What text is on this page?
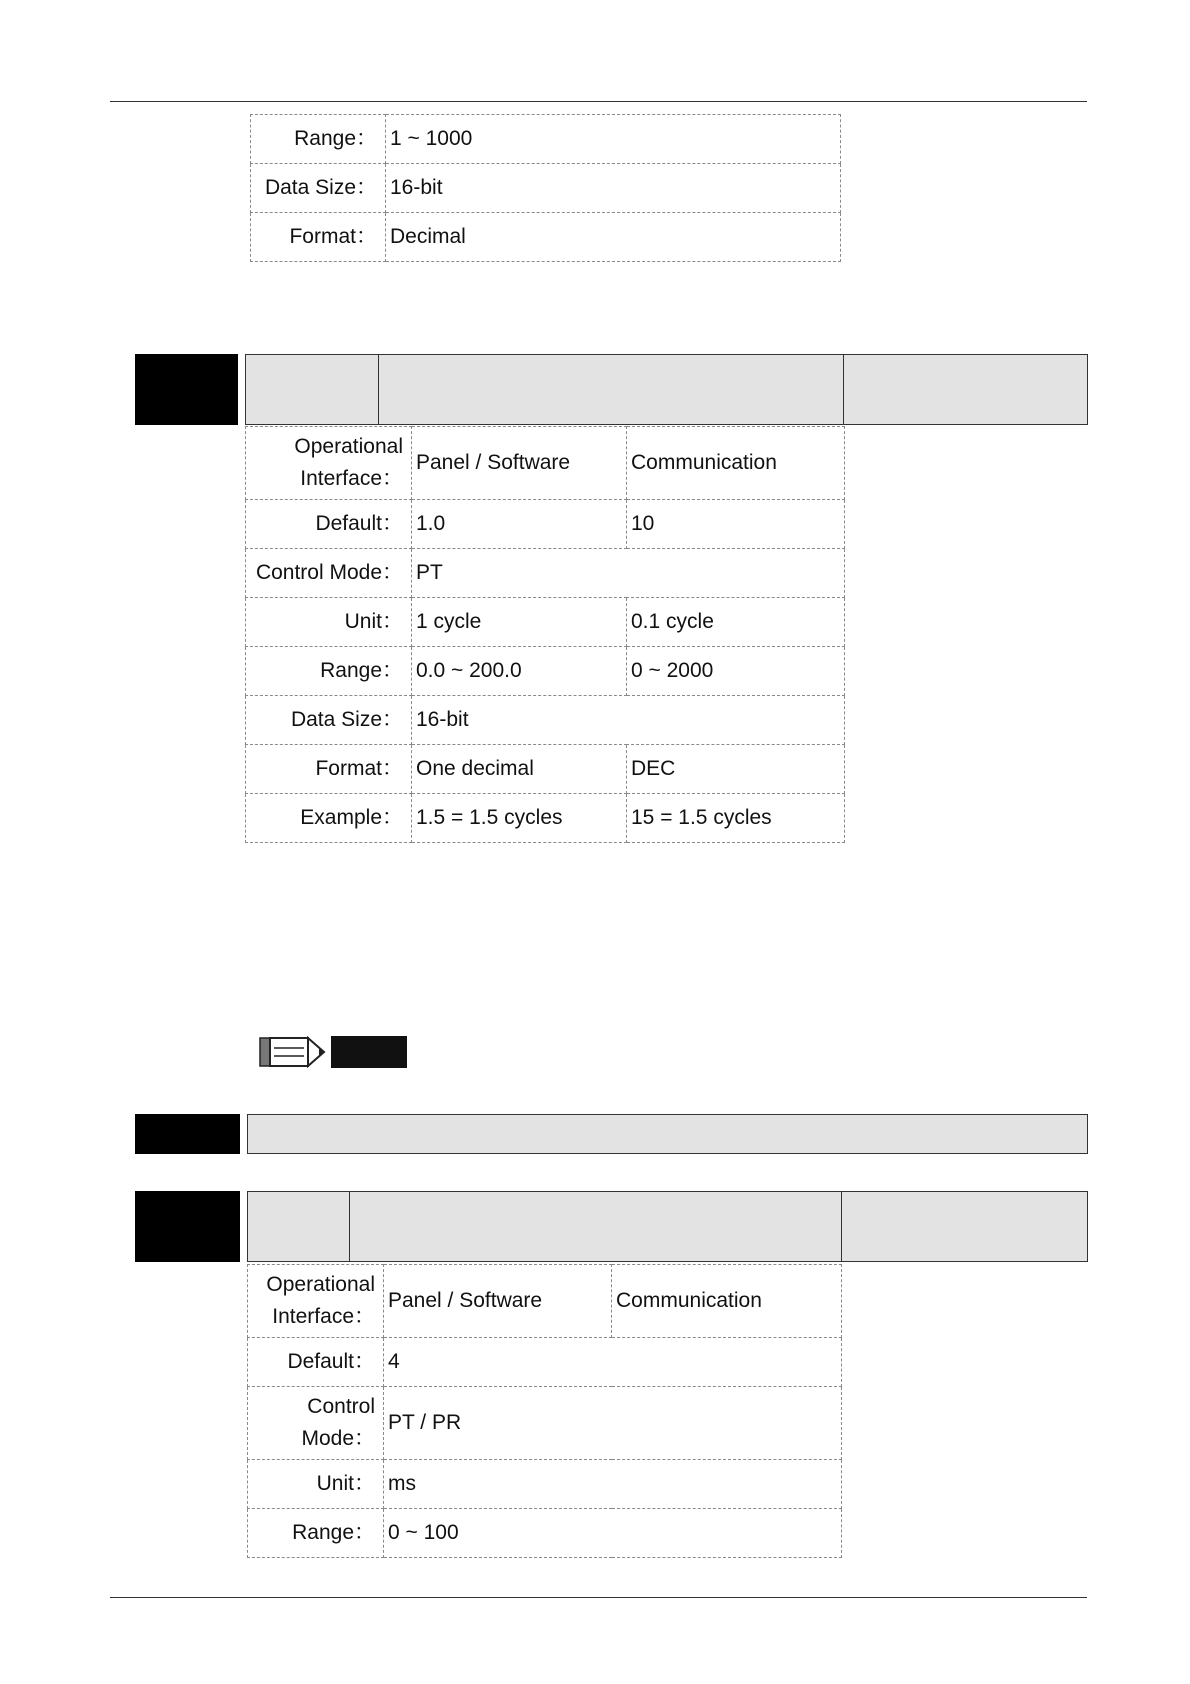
Range：	1 ~ 1000
Data Size：	16-bit
Format：	Decimal
Operational Interface：	Panel / Software	Communication
Default：	1.0	10
Control Mode：	PT	
Unit：	1 cycle	0.1 cycle
Range：	0.0 ~ 200.0	0 ~ 2000
Data Size：	16-bit	
Format：	One decimal	DEC
Example：	1.5 = 1.5 cycles	15 = 1.5 cycles
Operational Interface：	Panel / Software	Communication
Default：	4	
Control Mode：	PT / PR	
Unit：	ms	
Range：	0 ~ 100	
